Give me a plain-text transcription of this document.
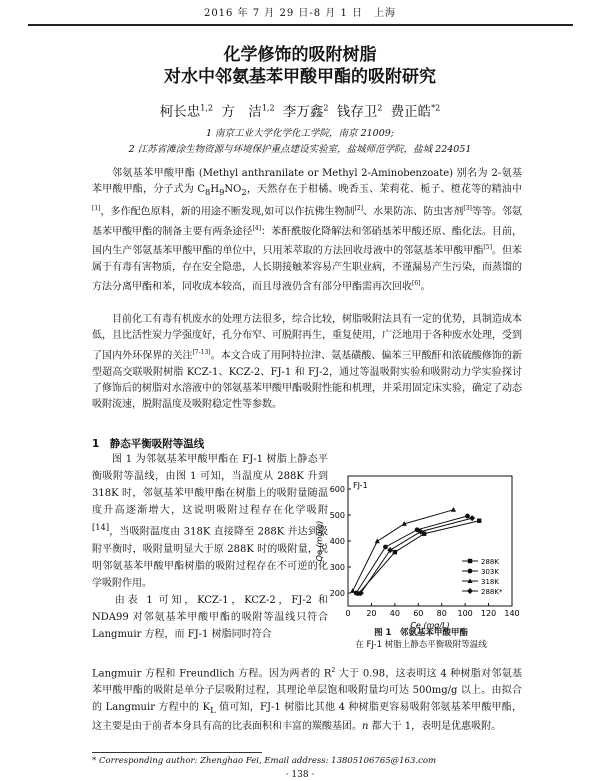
2016 年 7 月 29 日-8 月 1 日　上海
化学修饰的吸附树脂
对水中邻氨基苯甲酸甲酯的吸附研究
柯长忠$^{1,2}$ 方　洁$^{1,2}$ 李万鑫$^2$ 钱存卫$^2$ 费正皓$^{*2}$
1 南京工业大学化学化工学院，南京 21009;
2 江苏省滩涂生物资源与环境保护重点建设实验室，盐城师范学院，盐城 224051

邻氨基苯甲酸甲酯 (Methyl anthranilate or Methyl 2-Aminobenzoate) 别名为 2-氨基苯甲酸甲酯，分子式为 $C_8H_9NO_2$，天然存在于柑橘、晚香玉、茉莉花、栀子、橙花等的精油中[1]，多作配色原料，新的用途不断发现,如可以作抗佛生物制[2]、水果防冻、防虫害剂[3]等等。邻氨基苯甲酸甲酯的制备主要有两条途径[4]：苯酐酰胺化降解法和邻硝基苯甲酸还原、酯化法。目前，国内生产邻氨基苯甲酸甲酯的单位中，只用苯萃取的方法回收母液中的邻氨基苯甲酸甲酯[5]。但苯属于有毒有害物质，存在安全隐患，人长期接触苯容易产生职业病，不谨漏易产生污染，而蒸馏的方法分离甲酯和苯，同收成本较高，而且母液仍含有部分甲酯需再次回收[6]。

目前化工有毒有机废水的处理方法很多，综合比较，树脂吸附法具有一定的优势，具制造成本低，且比活性炭力学强度好，孔分布窄、可脱附再生，重复使用，广泛地用于各种废水处理，受到了国内外环保界的关注[7-13]。本文合成了用阿特拉津、氨基磺酸、偏苯三甲酸酐和浓硫酸修饰的新型超高交联吸附树脂 KCZ-1、KCZ-2、FJ-1 和 FJ-2，通过等温吸附实验和吸附动力学实验探讨了修饰后的树脂对水溶液中的邻氨基苯甲酸甲酯吸附性能和机理，并采用固定床实验，确定了动态吸附流速，脱附温度及吸附稳定性等参数。

1　静态平衡吸附等温线

图 1 为邻氨基苯甲酸甲酯在 FJ-1 树脂上静态平衡吸附等温线，由图 1 可知，当温度从 288K 升到 318K 时，邻氨基苯甲酸甲酯在树脂上的吸附量随温度升高逐渐增大，这说明吸附过程存在化学吸附[14]，当吸附温度由 318K 直接降至 288K 并达到吸附平衡时，吸附量明显大于原 288K 时的吸附量，说明邻氨基苯甲酸甲酯树脂的吸附过程存在不可逆的化学吸附作用。
由表 1 可知，KCZ-1，KCZ-2，FJ-2 和 NDA99 对邻氨基苯甲酸甲酯的吸附等温线只符合 Langmuir 方程，而 FJ-1 树脂同时符合

Langmuir 方程和 Freundlich 方程。因为两者的 $R^2$ 大于 0.98，这表明这 4 种树脂对邻氨基苯甲酸甲酯的吸附是单分子层吸附过程，其理论单层饱和吸附量均可达 500mg/g 以上。由拟合的 Langmuir 方程中的 $K_L$ 值可知，FJ-1 树脂比其他 4 种树脂更容易吸附邻氨基苯甲酸甲酯，这主要是由于前者本身具有高的比表面积和丰富的羰酸基团。n 都大于 1，表明是优惠吸附。

0 20 40 60 80 100 120 140
200
300
400
500
600
Ce (mg/L)
Qe (mg/g)
FJ-1
288K
303K
318K
288K*
图 1　邻氨基苯甲酸甲酯
在 FJ-1 树脂上静态平衡吸附等温线
* Corresponding author: Zhenghao Fei, Email address: 13805106765@163.com
· 138 ·
